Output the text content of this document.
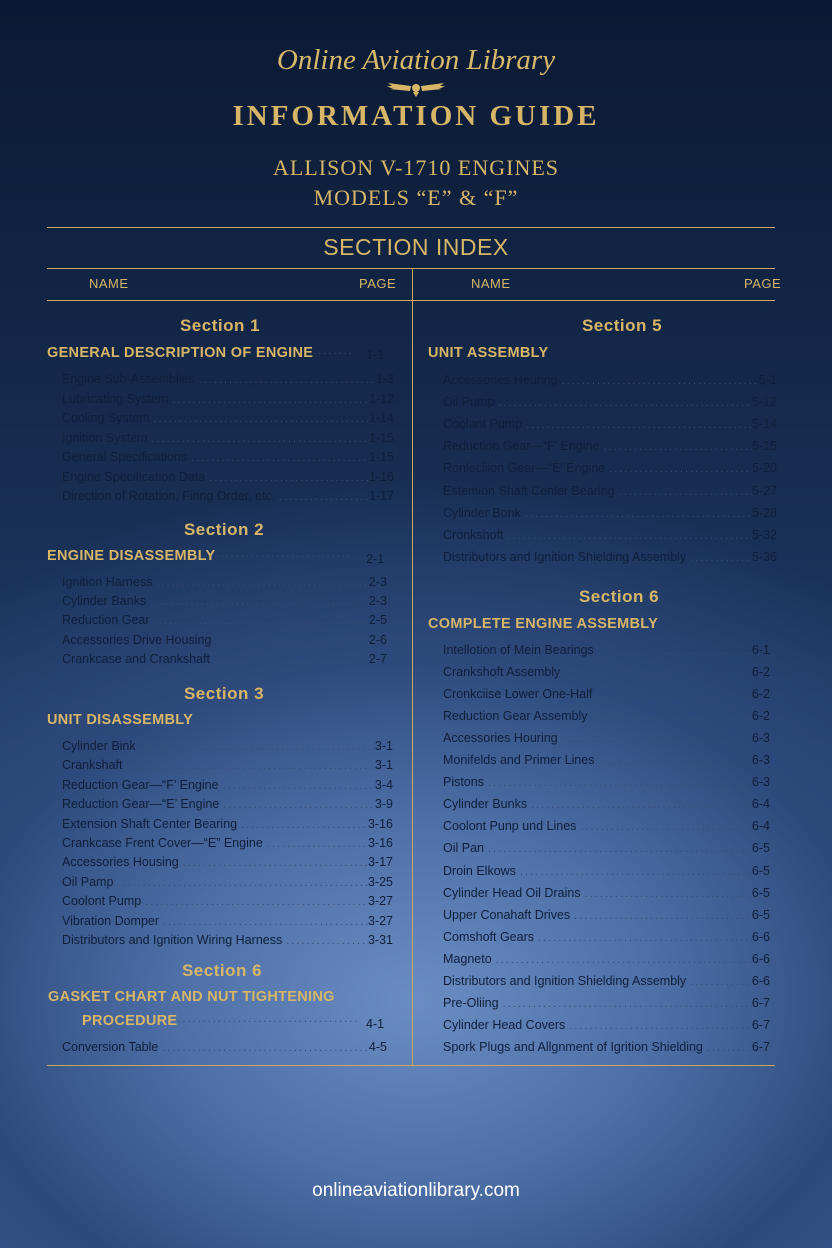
Online Aviation Library
INFORMATION GUIDE
ALLISON V-1710 ENGINES
MODELS “E” & “F”
SECTION INDEX
NAME	PAGE	NAME	PAGE
Section 1
GENERAL DESCRIPTION OF ENGINE .....	1-1
Engine Sub-Assemblies .....	1-3
Lubricating System .....	1-12
Cooling System .....	1-14
Ignition System .....	1-15
General Specifications .....	1-15
Engine Specification Data .....	1-16
Direction of Rotation, Firing Order, etc. .....	1-17
Section 2
ENGINE DISASSEMBLY .....	2-1
Ignition Harness .....	2-3
Cylinder Banks .....	2-3
Reduction Gear .....	2-5
Accessories Drive Housing .....	2-6
Crankcase and Crankshaft .....	2-7
Section 3
UNIT DISASSEMBLY
Cylinder Bink .....	3-1
Crankshaft .....	3-1
Reduction Gear—“F’ Engine .....	3-4
Reduction Gear—“E’ Engine .....	3-9
Extension Shaft Center Bearing .....	3-16
Crankcase Frent Cover—“E” Engine .....	3-16
Accessories Housing .....	3-17
Oil Pamp .....	3-25
Coolont Pump .....	3-27
Vibration Domper .....	3-27
Distributors and Ignition Wiring Harness .....	3-31
Section 6
GASKET CHART AND NUT TIGHTENING
PROCEDURE .....	4-1
Conversion Table .....	4-5
Section 5
UNIT ASSEMBLY
Accessories Heuring .....	5-1
Oil Pump .....	5-12
Coolant Pump .....	5-14
Reduction Gear—“F’ Engine .....	5-15
Ronlecliion Gear—“E’ Engine .....	5-20
Estemion Shaft Cenler Bearing .....	5-27
Cylinder Bonk .....	5-28
Cronkshoft .....	5-32
Distributors and Ignition Shielding Assembly .....	5-36
Section 6
COMPLETE ENGINE ASSEMBLY
Intellotion of Mein Bearings .....	6-1
Crankshoft Assembly .....	6-2
Cronkciise Lower One-Half .....	6-2
Reduction Gear Assembly .....	6-2
Accessories Houring .....	6-3
Monifelds and Primer Lines .....	6-3
Pistons .....	6-3
Cylinder Bunks .....	6-4
Coolont Punp und Lines .....	6-4
Oil Pan .....	6-5
Droin Elkows .....	6-5
Cylinder Head Oil Drains .....	6-5
Upper Conahaft Drives .....	6-5
Comshoft Gears .....	6-6
Magneto .....	6-6
Distributors and Ignition Shielding Assembly .....	6-6
Pre-Oliing .....	6-7
Cylinder Head Covers .....	6-7
Spork Plugs and Allgnment of Igrition Shielding .....	6-7
onlineaviationlibrary.com
